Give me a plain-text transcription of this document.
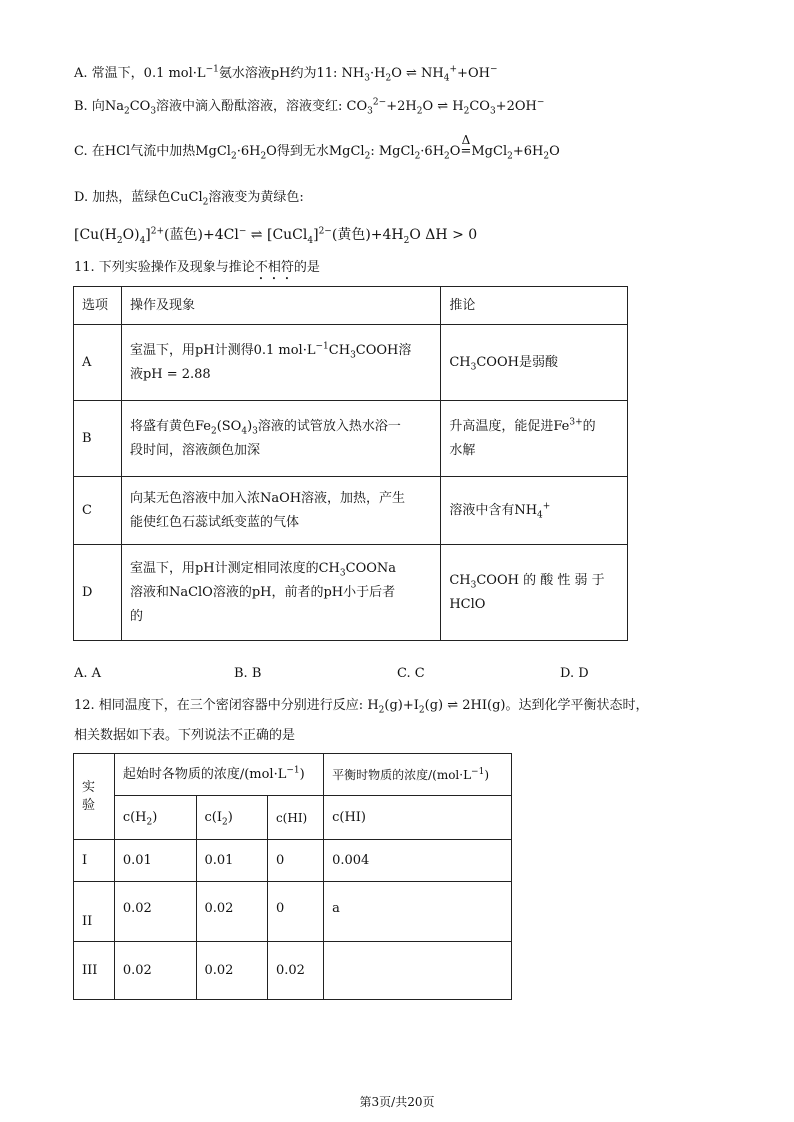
A. 常温下，0.1 $mol\cdot L^{-1}$氨水溶液pH约为11: $NH_3\cdot H_2O$ ⇌ $NH_4^++OH^-$
B. 向$Na_2CO_3$溶液中滴入酚酞溶液，溶液变红: $CO_3^{2-}+2H_2O$ ⇌ $H_2CO_3+2OH^-$
C. 在HCl气流中加热$MgCl_2\cdot 6H_2O$得到无水MgCl$_2$: $MgCl_2\cdot 6H_2O$
Δ
$=MgCl_2+6H_2O$
D. 加热，蓝绿色CuCl$_2$溶液变为黄绿色:
$[Cu(H_2O)_4]^{2+}$(蓝色)+4Cl− ⇌ [CuCl$_4$]$^{2-}$(黄色)$+4H_2O$ ΔH > 0
11. 下列实验操作及现象与推论不相符的是
选项	操作及现象	推论
A	室温下，用pH计测得0.1 $mol\cdot L^{-1}CH_3COOH$溶
液pH = 2.88	$CH_3COOH$是弱酸
B	将盛有黄色$Fe_2(SO_4)_3$溶液的试管放入热水浴一
段时间，溶液颜色加深	升高温度，能促进$Fe^{3+}$的
水解
C	向某无色溶液中加入浓NaOH溶液，加热，产生
能使红色石蕊试纸变蓝的气体	溶液中含有$NH_4^+$
D	室温下，用pH计测定相同浓度的$CH_3COONa$
溶液和NaClO溶液的pH，前者的pH小于后者
的	$CH_3COOH$ 的 酸 性 弱 于
HClO
A. A	B. B	C. C	D. D
12. 相同温度下，在三个密闭容器中分别进行反应: $H_2(g)+I_2(g)$ ⇌ 2HI(g)。达到化学平衡状态时，
相关数据如下表。下列说法不正确的是
实验	起始时各物质的浓度$/(mol\cdot L^{-1})$			平衡时物质的浓度$/(mol\cdot L^{-1})$
	$c(H_2)$	$c(I_2)$	c(HI)	c(HI)
I	0.01	0.01	0	0.004
II	0.02	0.02	0	a
III	0.02	0.02	0.02	
第3页/共20页
